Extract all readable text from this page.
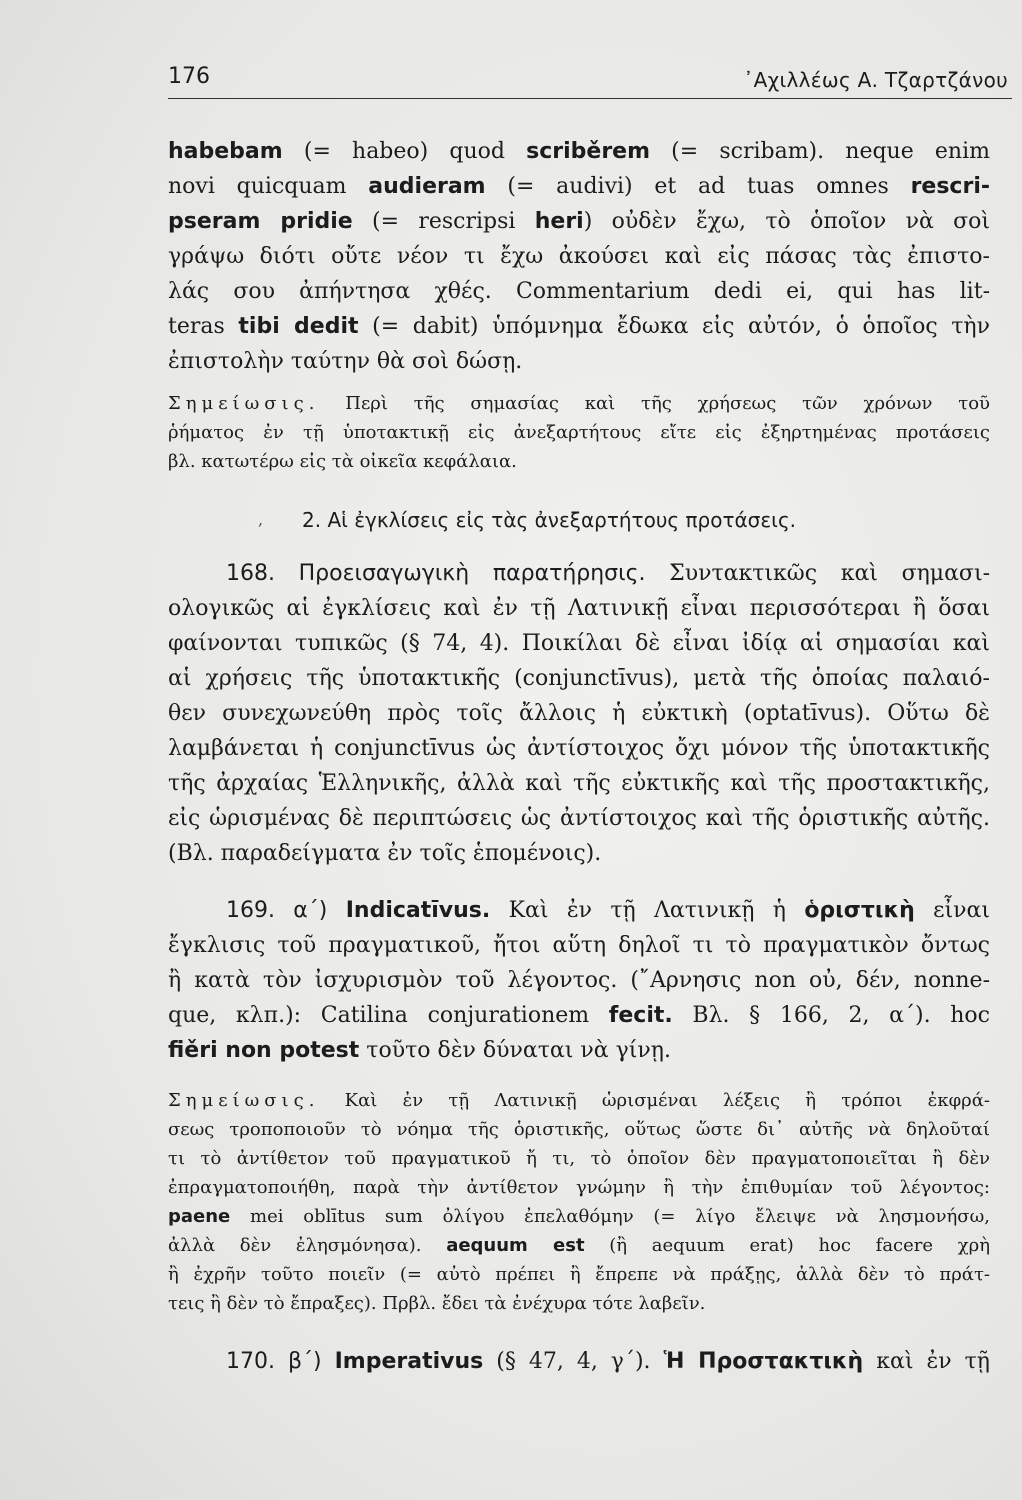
176	᾿Αχιλλέως Α. Τζαρτζάνου
habebam (= habeo) quod scriběrem (= scribam). neque enim
novi quicquam audieram (= audivi) et ad tuas omnes rescri-
pseram pridie (= rescripsi heri) οὐδὲν ἔχω, τὸ ὁποῖον νὰ σοὶ
γράψω διότι οὔτε νέον τι ἔχω ἀκούσει καὶ εἰς πάσας τὰς ἐπιστο-
λάς σου ἀπήντησα χθές. Commentarium dedi ei, qui has lit-
teras tibi dedit (= dabit) ὑπόμνημα ἔδωκα εἰς αὐτόν, ὁ ὁποῖος τὴν
ἐπιστολὴν ταύτην θὰ σοὶ δώσῃ.
Σημείωσις. Περὶ τῆς σημασίας καὶ τῆς χρήσεως τῶν χρόνων τοῦ
ῥήματος ἐν τῇ ὑποτακτικῇ εἰς ἀνεξαρτήτους εἴτε εἰς ἐξηρτημένας προτάσεις
βλ. κατωτέρω εἰς τὰ οἰκεῖα κεφάλαια.
, 2. Αἱ ἐγκλίσεις εἰς τὰς ἀνεξαρτήτους προτάσεις.
168. Προεισαγωγικὴ παρατήρησις. Συντακτικῶς καὶ σημασι-
ολογικῶς αἱ ἐγκλίσεις καὶ ἐν τῇ Λατινικῇ εἶναι περισσότεραι ἢ ὅσαι
φαίνονται τυπικῶς (§ 74, 4). Ποικίλαι δὲ εἶναι ἰδίᾳ αἱ σημασίαι καὶ
αἱ χρήσεις τῆς ὑποτακτικῆς (conjunctīvus), μετὰ τῆς ὁποίας παλαιό-
θεν συνεχωνεύθη πρὸς τοῖς ἄλλοις ἡ εὐκτικὴ (optatīvus). Οὕτω δὲ
λαμβάνεται ἡ conjunctīvus ὡς ἀντίστοιχος ὄχι μόνον τῆς ὑποτακτικῆς
τῆς ἀρχαίας Ἑλληνικῆς, ἀλλὰ καὶ τῆς εὐκτικῆς καὶ τῆς προστακτικῆς,
εἰς ὡρισμένας δὲ περιπτώσεις ὡς ἀντίστοιχος καὶ τῆς ὁριστικῆς αὐτῆς.
(Βλ. παραδείγματα ἐν τοῖς ἑπομένοις).
169. α΄) Indicatīvus. Καὶ ἐν τῇ Λατινικῇ ἡ ὁριστικὴ εἶναι
ἔγκλισις τοῦ πραγματικοῦ, ἤτοι αὕτη δηλοῖ τι τὸ πραγματικὸν ὄντως
ἢ κατὰ τὸν ἰσχυρισμὸν τοῦ λέγοντος. (῎Αρνησις non οὐ, δέν, nonne-
que, κλπ.): Catilina conjurationem fecit. Βλ. § 166, 2, α΄). hoc
fiěri non potest τοῦτο δὲν δύναται νὰ γίνῃ.
Σημείωσις. Καὶ ἐν τῇ Λατινικῇ ὡρισμέναι λέξεις ἢ τρόποι ἐκφρά-
σεως τροποποιοῦν τὸ νόημα τῆς ὁριστικῆς, οὕτως ὥστε δι᾿ αὐτῆς νὰ δηλοῦταί
τι τὸ ἀντίθετον τοῦ πραγματικοῦ ἤ τι, τὸ ὁποῖον δὲν πραγματοποιεῖται ἢ δὲν
ἐπραγματοποιήθη, παρὰ τὴν ἀντίθετον γνώμην ἢ τὴν ἐπιθυμίαν τοῦ λέγοντος:
paene mei oblītus sum ὀλίγου ἐπελαθόμην (= λίγο ἔλειψε νὰ λησμονήσω,
ἀλλὰ δὲν ἐλησμόνησα). aequum est (ἢ aequum erat) hoc facere χρὴ
ἢ ἐχρῆν τοῦτο ποιεῖν (= αὐτὸ πρέπει ἢ ἔπρεπε νὰ πράξῃς, ἀλλὰ δὲν τὸ πράτ-
τεις ἢ δὲν τὸ ἔπραξες). Πρβλ. ἔδει τὰ ἐνέχυρα τότε λαβεῖν.
170. β΄) Imperativus (§ 47, 4, γ΄). Ἡ Προστακτικὴ καὶ ἐν τῇ
